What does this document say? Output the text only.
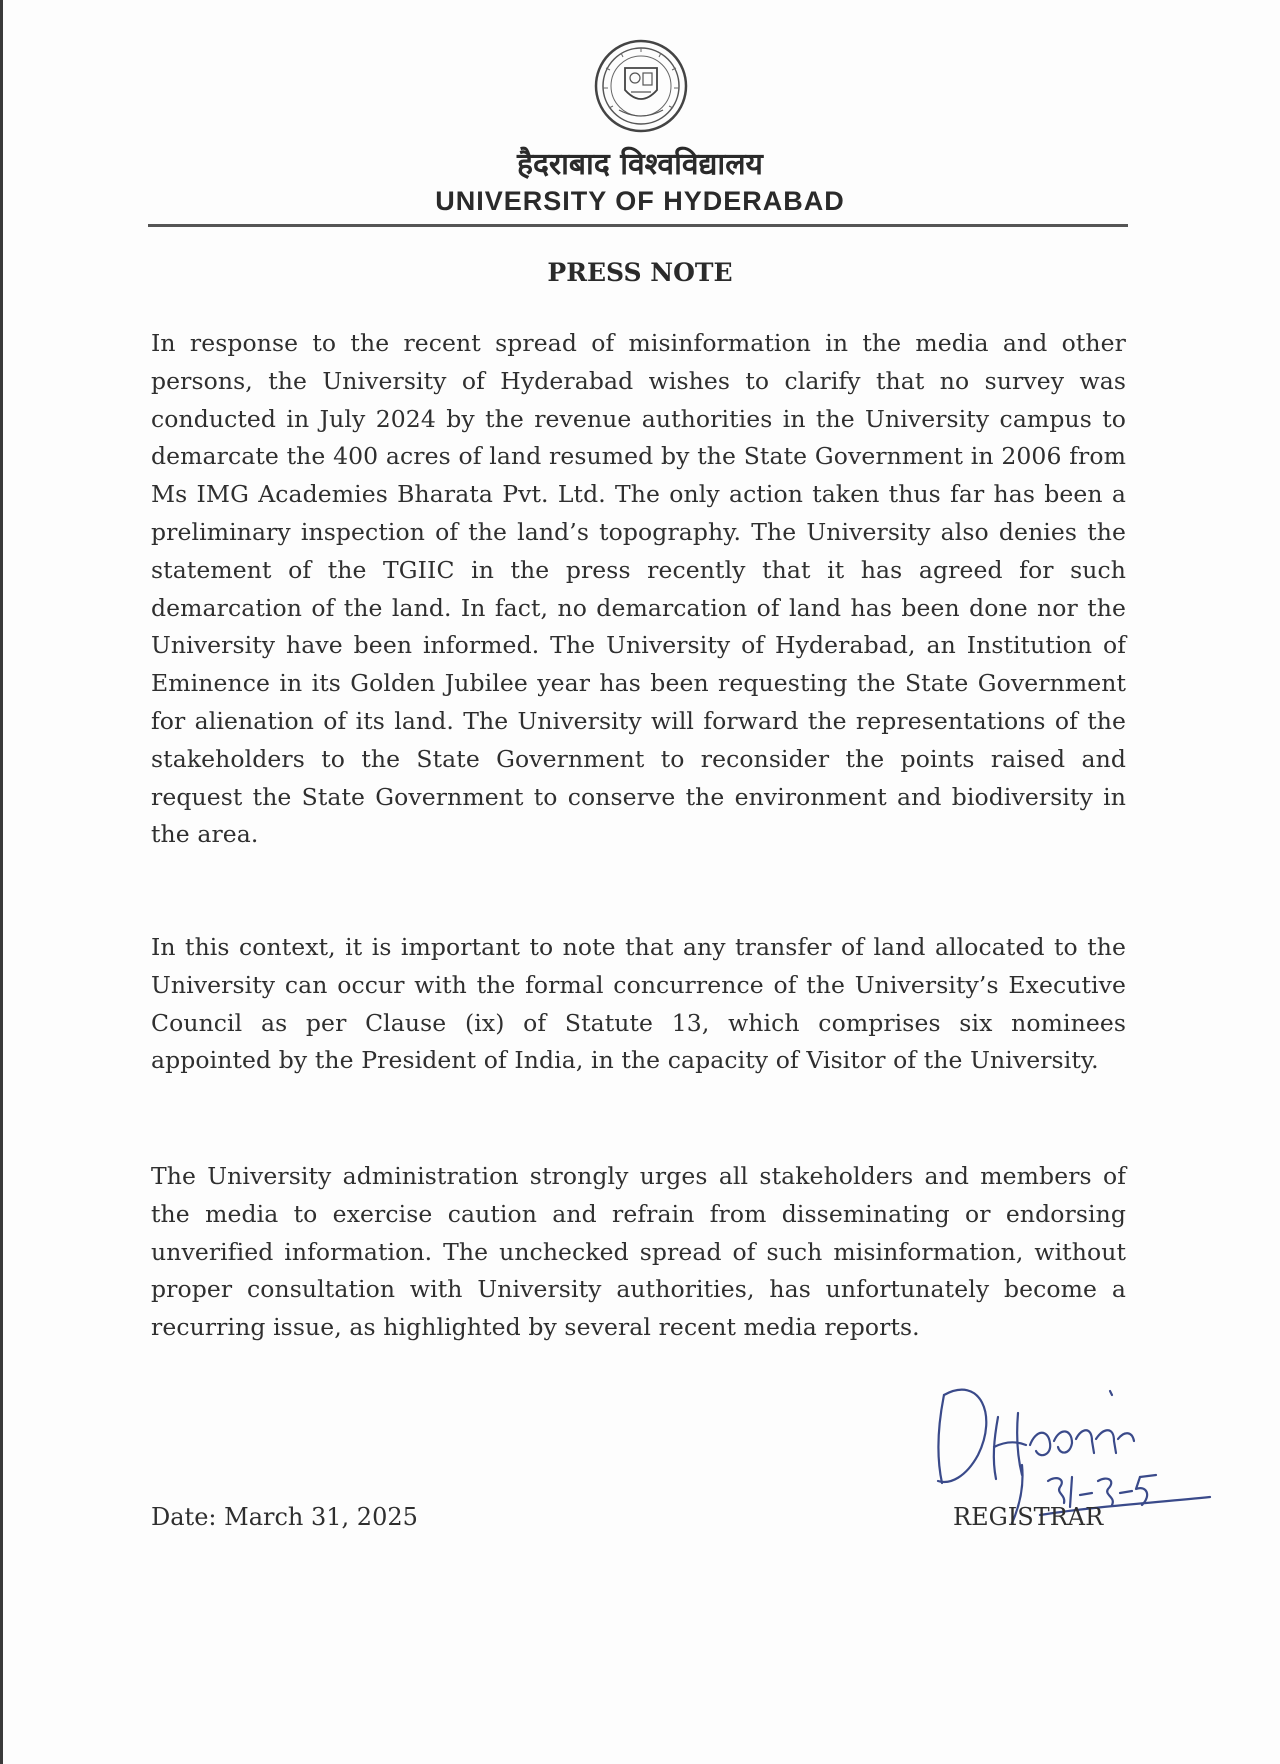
हैदराबाद विश्वविद्यालय
UNIVERSITY OF HYDERABAD
PRESS NOTE

In response to the recent spread of misinformation in the media and other persons, the University of Hyderabad wishes to clarify that no survey was conducted in July 2024 by the revenue authorities in the University campus to demarcate the 400 acres of land resumed by the State Government in 2006 from Ms IMG Academies Bharata Pvt. Ltd. The only action taken thus far has been a preliminary inspection of the land’s topography. The University also denies the statement of the TGIIC in the press recently that it has agreed for such demarcation of the land. In fact, no demarcation of land has been done nor the University have been informed. The University of Hyderabad, an Institution of Eminence in its Golden Jubilee year has been requesting the State Government for alienation of its land. The University will forward the representations of the stakeholders to the State Government to reconsider the points raised and request the State Government to conserve the environment and biodiversity in the area.

In this context, it is important to note that any transfer of land allocated to the University can occur with the formal concurrence of the University’s Executive Council as per Clause (ix) of Statute 13, which comprises six nominees appointed by the President of India, in the capacity of Visitor of the University.

The University administration strongly urges all stakeholders and members of the media to exercise caution and refrain from disseminating or endorsing unverified information. The unchecked spread of such misinformation, without proper consultation with University authorities, has unfortunately become a recurring issue, as highlighted by several recent media reports.

Date: March 31, 2025	REGISTRAR
